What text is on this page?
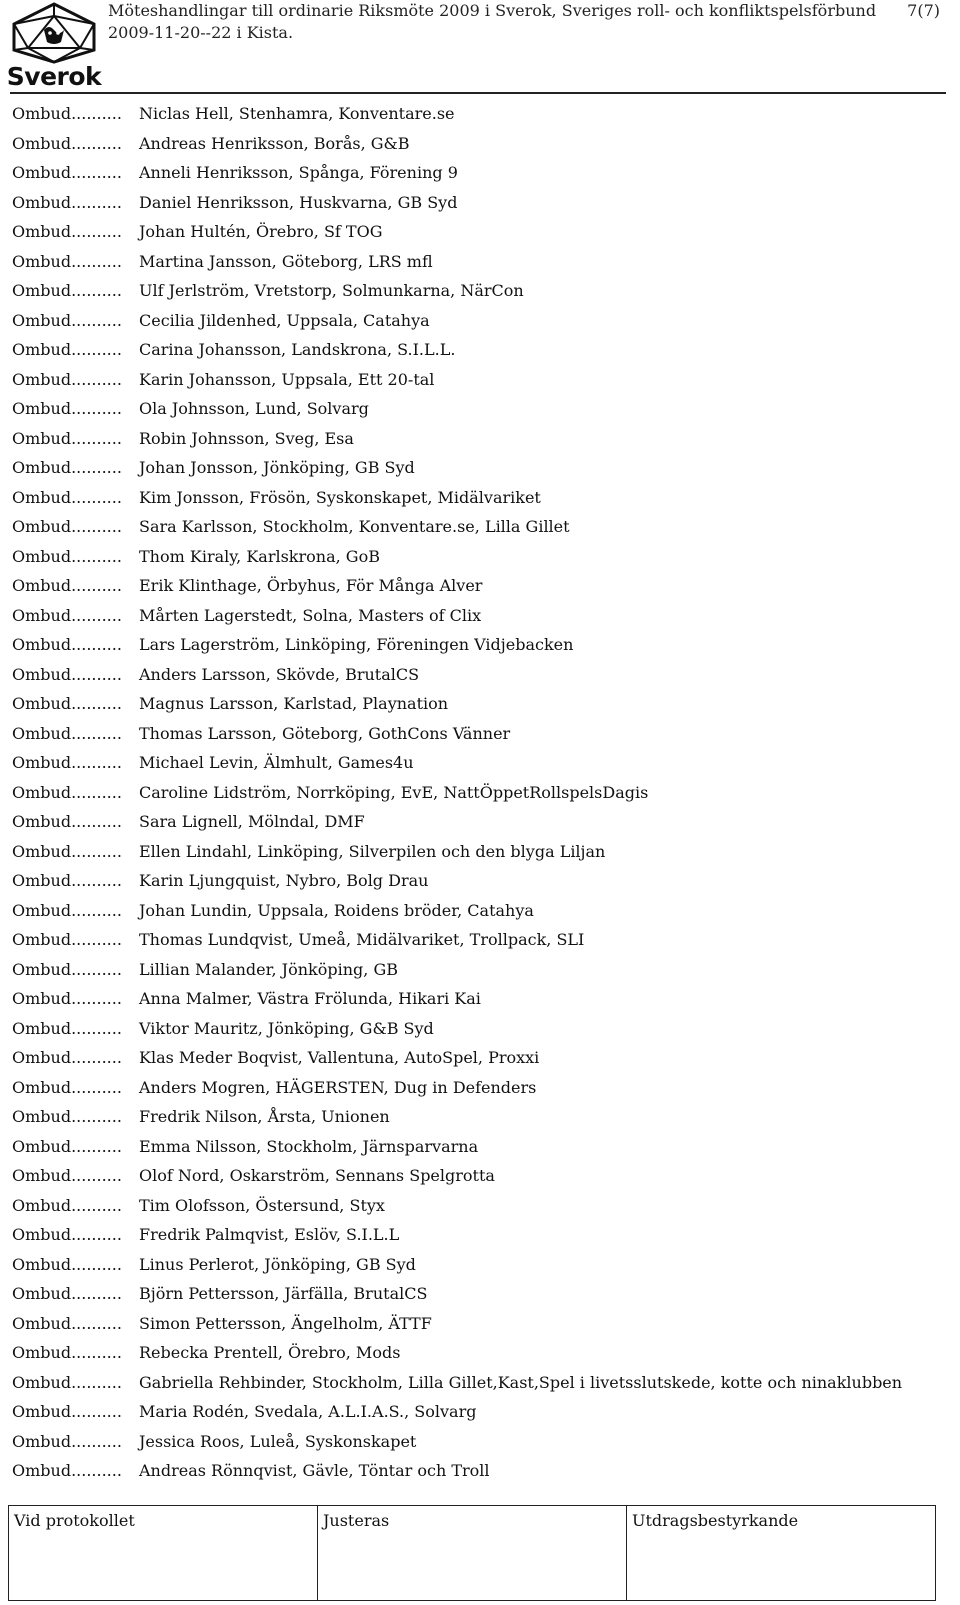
Sverok
Möteshandlingar till ordinarie Riksmöte 2009 i Sverok, Sveriges roll- och konfliktspelsförbund
2009-11-20--22 i Kista.
7(7)
Ombud..........	Niclas Hell, Stenhamra, Konventare.se
Ombud..........	Andreas Henriksson, Borås, G&B
Ombud..........	Anneli Henriksson, Spånga, Förening 9
Ombud..........	Daniel Henriksson, Huskvarna, GB Syd
Ombud..........	Johan Hultén, Örebro, Sf TOG
Ombud..........	Martina Jansson, Göteborg, LRS mfl
Ombud..........	Ulf Jerlström, Vretstorp, Solmunkarna, NärCon
Ombud..........	Cecilia Jildenhed, Uppsala, Catahya
Ombud..........	Carina Johansson, Landskrona, S.I.L.L.
Ombud..........	Karin Johansson, Uppsala, Ett 20-tal
Ombud..........	Ola Johnsson, Lund, Solvarg
Ombud..........	Robin Johnsson, Sveg, Esa
Ombud..........	Johan Jonsson, Jönköping, GB Syd
Ombud..........	Kim Jonsson, Frösön, Syskonskapet, Midälvariket
Ombud..........	Sara Karlsson, Stockholm, Konventare.se, Lilla Gillet
Ombud..........	Thom Kiraly, Karlskrona, GoB
Ombud..........	Erik Klinthage, Örbyhus, För Många Alver
Ombud..........	Mårten Lagerstedt, Solna, Masters of Clix
Ombud..........	Lars Lagerström, Linköping, Föreningen Vidjebacken
Ombud..........	Anders Larsson, Skövde, BrutalCS
Ombud..........	Magnus Larsson, Karlstad, Playnation
Ombud..........	Thomas Larsson, Göteborg, GothCons Vänner
Ombud..........	Michael Levin, Älmhult, Games4u
Ombud..........	Caroline Lidström, Norrköping, EvE, NattÖppetRollspelsDagis
Ombud..........	Sara Lignell, Mölndal, DMF
Ombud..........	Ellen Lindahl, Linköping, Silverpilen och den blyga Liljan
Ombud..........	Karin Ljungquist, Nybro, Bolg Drau
Ombud..........	Johan Lundin, Uppsala, Roidens bröder, Catahya
Ombud..........	Thomas Lundqvist, Umeå, Midälvariket, Trollpack, SLI
Ombud..........	Lillian Malander, Jönköping, GB
Ombud..........	Anna Malmer, Västra Frölunda, Hikari Kai
Ombud..........	Viktor Mauritz, Jönköping, G&B Syd
Ombud..........	Klas Meder Boqvist, Vallentuna, AutoSpel, Proxxi
Ombud..........	Anders Mogren, HÄGERSTEN, Dug in Defenders
Ombud..........	Fredrik Nilson, Årsta, Unionen
Ombud..........	Emma Nilsson, Stockholm, Järnsparvarna
Ombud..........	Olof Nord, Oskarström, Sennans Spelgrotta
Ombud..........	Tim Olofsson, Östersund, Styx
Ombud..........	Fredrik Palmqvist, Eslöv, S.I.L.L
Ombud..........	Linus Perlerot, Jönköping, GB Syd
Ombud..........	Björn Pettersson, Järfälla, BrutalCS
Ombud..........	Simon Pettersson, Ängelholm, ÄTTF
Ombud..........	Rebecka Prentell, Örebro, Mods
Ombud..........	Gabriella Rehbinder, Stockholm, Lilla Gillet,Kast,Spel i livetsslutskede, kotte och ninaklubben
Ombud..........	Maria Rodén, Svedala, A.L.I.A.S., Solvarg
Ombud..........	Jessica Roos, Luleå, Syskonskapet
Ombud..........	Andreas Rönnqvist, Gävle, Töntar och Troll
Vid protokollet	Justeras	Utdragsbestyrkande
